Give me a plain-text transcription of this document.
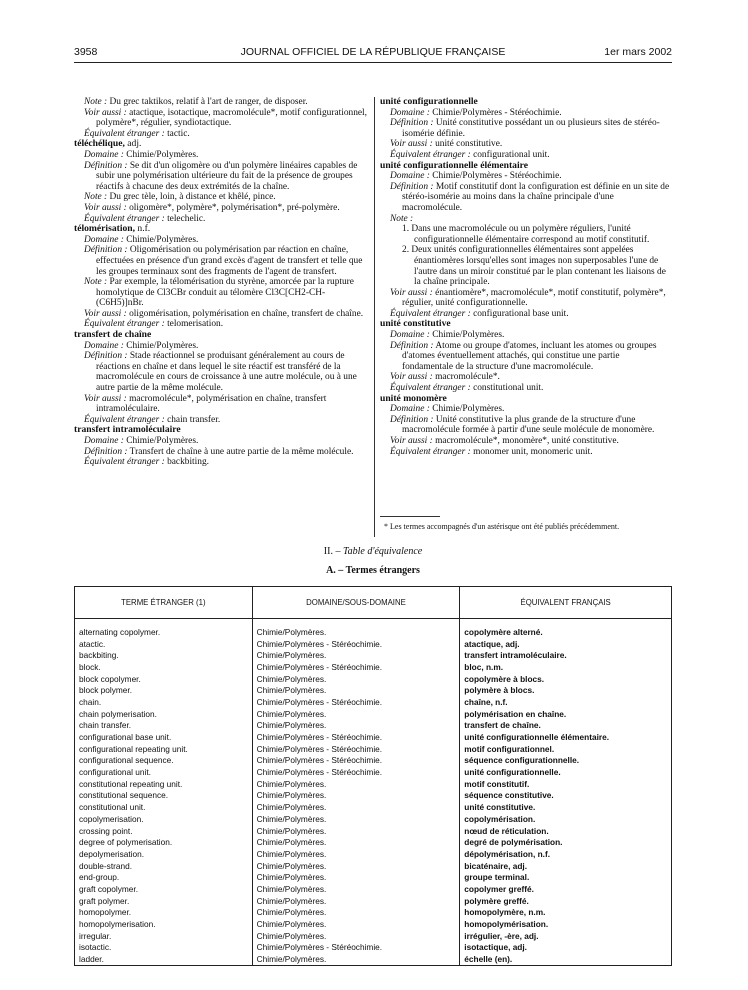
3958	JOURNAL OFFICIEL DE LA RÉPUBLIQUE FRANÇAISE	1er mars 2002

Note : Du grec taktikos, relatif à l'art de ranger, de disposer.

Voir aussi : atactique, isotactique, macromolécule*, motif configurationnel, polymère*, régulier, syndiotactique.

Équivalent étranger : tactic.

téléchélique, adj.

Domaine : Chimie/Polymères.

Définition : Se dit d'un oligomère ou d'un polymère linéaires capables de subir une polymérisation ultérieure du fait de la présence de groupes réactifs à chacune des deux extrémités de la chaîne.

Note : Du grec tèle, loin, à distance et khêlé, pince.

Voir aussi : oligomère*, polymère*, polymérisation*, pré-polymère.

Équivalent étranger : telechelic.

télomérisation, n.f.

Domaine : Chimie/Polymères.

Définition : Oligomérisation ou polymérisation par réaction en chaîne, effectuées en présence d'un grand excès d'agent de transfert et telle que les groupes terminaux sont des fragments de l'agent de transfert.

Note : Par exemple, la télomérisation du styrène, amorcée par la rupture homolytique de Cl3CBr conduit au télomère Cl3C[CH2-CH-(C6H5)]nBr.

Voir aussi : oligomérisation, polymérisation en chaîne, transfert de chaîne.

Équivalent étranger : telomerisation.

transfert de chaîne

Domaine : Chimie/Polymères.

Définition : Stade réactionnel se produisant généralement au cours de réactions en chaîne et dans lequel le site réactif est transféré de la macromolécule en cours de croissance à une autre molécule, ou à une autre partie de la même molécule.

Voir aussi : macromolécule*, polymérisation en chaîne, transfert intramoléculaire.

Équivalent étranger : chain transfer.

transfert intramoléculaire

Domaine : Chimie/Polymères.

Définition : Transfert de chaîne à une autre partie de la même molécule.

Équivalent étranger : backbiting.

unité configurationnelle

Domaine : Chimie/Polymères - Stéréochimie.

Définition : Unité constitutive possédant un ou plusieurs sites de stéréo-isomérie définie.

Voir aussi : unité constitutive.

Équivalent étranger : configurational unit.

unité configurationnelle élémentaire

Domaine : Chimie/Polymères - Stéréochimie.

Définition : Motif constitutif dont la configuration est définie en un site de stéréo-isomérie au moins dans la chaîne principale d'une macromolécule.

Note :

1. Dans une macromolécule ou un polymère réguliers, l'unité configurationnelle élémentaire correspond au motif constitutif.

2. Deux unités configurationnelles élémentaires sont appelées énantiomères lorsqu'elles sont images non superposables l'une de l'autre dans un miroir constitué par le plan contenant les liaisons de la chaîne principale.

Voir aussi : énantiomère*, macromolécule*, motif constitutif, polymère*, régulier, unité configurationnelle.

Équivalent étranger : configurational base unit.

unité constitutive

Domaine : Chimie/Polymères.

Définition : Atome ou groupe d'atomes, incluant les atomes ou groupes d'atomes éventuellement attachés, qui constitue une partie fondamentale de la structure d'une macromolécule.

Voir aussi : macromolécule*.

Équivalent étranger : constitutional unit.

unité monomère

Domaine : Chimie/Polymères.

Définition : Unité constitutive la plus grande de la structure d'une macromolécule formée à partir d'une seule molécule de monomère.

Voir aussi : macromolécule*, monomère*, unité constitutive.

Équivalent étranger : monomer unit, monomeric unit.

* Les termes accompagnés d'un astérisque ont été publiés précédemment.
II. – Table d'équivalence
A. – Termes étrangers
TERME ÉTRANGER (1)	DOMAINE/SOUS-DOMAINE	ÉQUIVALENT FRANÇAIS
alternating copolymer.	Chimie/Polymères.	copolymère alterné.
atactic.	Chimie/Polymères - Stéréochimie.	atactique, adj.
backbiting.	Chimie/Polymères.	transfert intramoléculaire.
block.	Chimie/Polymères - Stéréochimie.	bloc, n.m.
block copolymer.	Chimie/Polymères.	copolymère à blocs.
block polymer.	Chimie/Polymères.	polymère à blocs.
chain.	Chimie/Polymères - Stéréochimie.	chaîne, n.f.
chain polymerisation.	Chimie/Polymères.	polymérisation en chaîne.
chain transfer.	Chimie/Polymères.	transfert de chaîne.
configurational base unit.	Chimie/Polymères - Stéréochimie.	unité configurationnelle élémentaire.
configurational repeating unit.	Chimie/Polymères - Stéréochimie.	motif configurationnel.
configurational sequence.	Chimie/Polymères - Stéréochimie.	séquence configurationnelle.
configurational unit.	Chimie/Polymères - Stéréochimie.	unité configurationnelle.
constitutional repeating unit.	Chimie/Polymères.	motif constitutif.
constitutional sequence.	Chimie/Polymères.	séquence constitutive.
constitutional unit.	Chimie/Polymères.	unité constitutive.
copolymerisation.	Chimie/Polymères.	copolymérisation.
crossing point.	Chimie/Polymères.	nœud de réticulation.
degree of polymerisation.	Chimie/Polymères.	degré de polymérisation.
depolymerisation.	Chimie/Polymères.	dépolymérisation, n.f.
double-strand.	Chimie/Polymères.	bicaténaire, adj.
end-group.	Chimie/Polymères.	groupe terminal.
graft copolymer.	Chimie/Polymères.	copolymer greffé.
graft polymer.	Chimie/Polymères.	polymère greffé.
homopolymer.	Chimie/Polymères.	homopolymère, n.m.
homopolymerisation.	Chimie/Polymères.	homopolymérisation.
irregular.	Chimie/Polymères.	irrégulier, -ère, adj.
isotactic.	Chimie/Polymères - Stéréochimie.	isotactique, adj.
ladder.	Chimie/Polymères.	échelle (en).
